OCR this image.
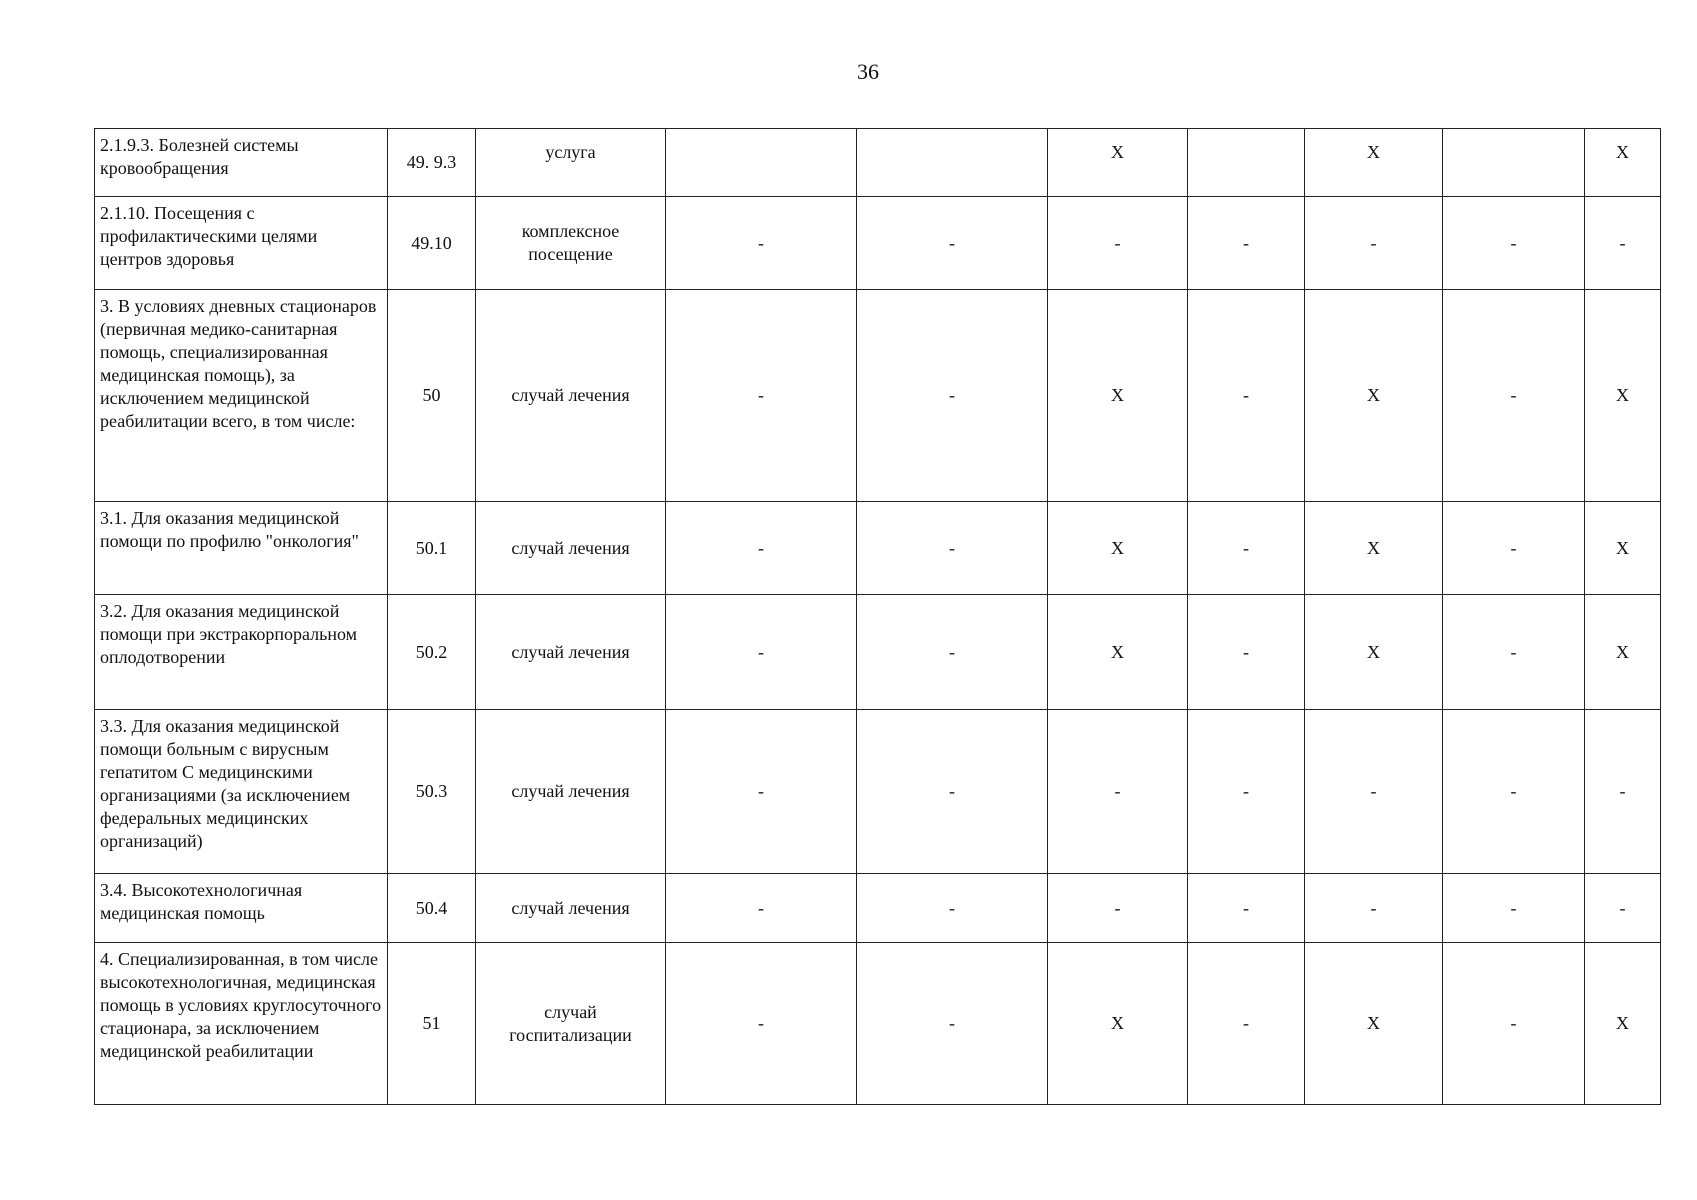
36
2.1.9.3. Болезней системы кровообращения	49. 9.3	услуга			X		X		X
2.1.10. Посещения с профилактическими целями центров здоровья	49.10	комплексное посещение	-	-	-	-	-	-	-
3. В условиях дневных стационаров (первичная медико-санитарная помощь, специализированная медицинская помощь), за исключением медицинской реабилитации всего, в том числе:	50	случай лечения	-	-	X	-	X	-	X
3.1. Для оказания медицинской помощи по профилю "онкология"	50.1	случай лечения	-	-	X	-	X	-	X
3.2. Для оказания медицинской помощи при экстракорпоральном оплодотворении	50.2	случай лечения	-	-	X	-	X	-	X
3.3. Для оказания медицинской помощи больным с вирусным гепатитом С медицинскими организациями (за исключением федеральных медицинских организаций)	50.3	случай лечения	-	-	-	-	-	-	-
3.4. Высокотехнологичная медицинская помощь	50.4	случай лечения	-	-	-	-	-	-	-
4. Специализированная, в том числе высокотехнологичная, медицинская помощь в условиях круглосуточного стационара, за исключением медицинской реабилитации	51	случай госпитализации	-	-	X	-	X	-	X
